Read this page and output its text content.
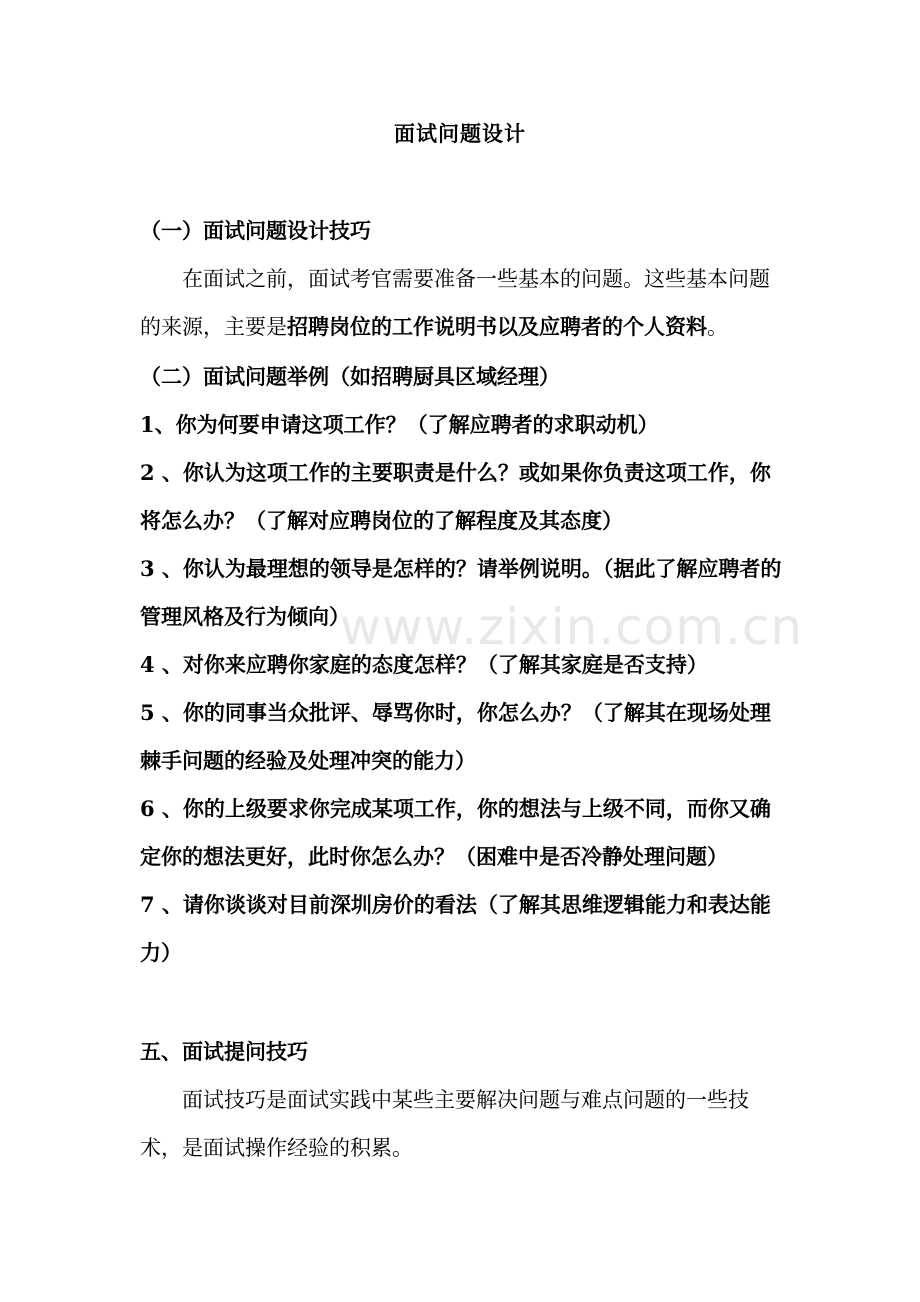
面试问题设计
（一）面试问题设计技巧
在面试之前，面试考官需要准备一些基本的问题。这些基本问题的来源，主要是招聘岗位的工作说明书以及应聘者的个人资料。
（二）面试问题举例（如招聘厨具区域经理）
1、你为何要申请这项工作？（了解应聘者的求职动机）
2 、你认为这项工作的主要职责是什么？或如果你负责这项工作，你将怎么办？（了解对应聘岗位的了解程度及其态度）
3 、你认为最理想的领导是怎样的？请举例说明。（据此了解应聘者的管理风格及行为倾向）
4 、对你来应聘你家庭的态度怎样？（了解其家庭是否支持）
5 、你的同事当众批评、辱骂你时，你怎么办？（了解其在现场处理棘手问题的经验及处理冲突的能力）
6 、你的上级要求你完成某项工作，你的想法与上级不同，而你又确定你的想法更好，此时你怎么办？（困难中是否冷静处理问题）
7 、请你谈谈对目前深圳房价的看法（了解其思维逻辑能力和表达能力）
五、面试提问技巧
面试技巧是面试实践中某些主要解决问题与难点问题的一些技术，是面试操作经验的积累。
www.zixin.com.cn
